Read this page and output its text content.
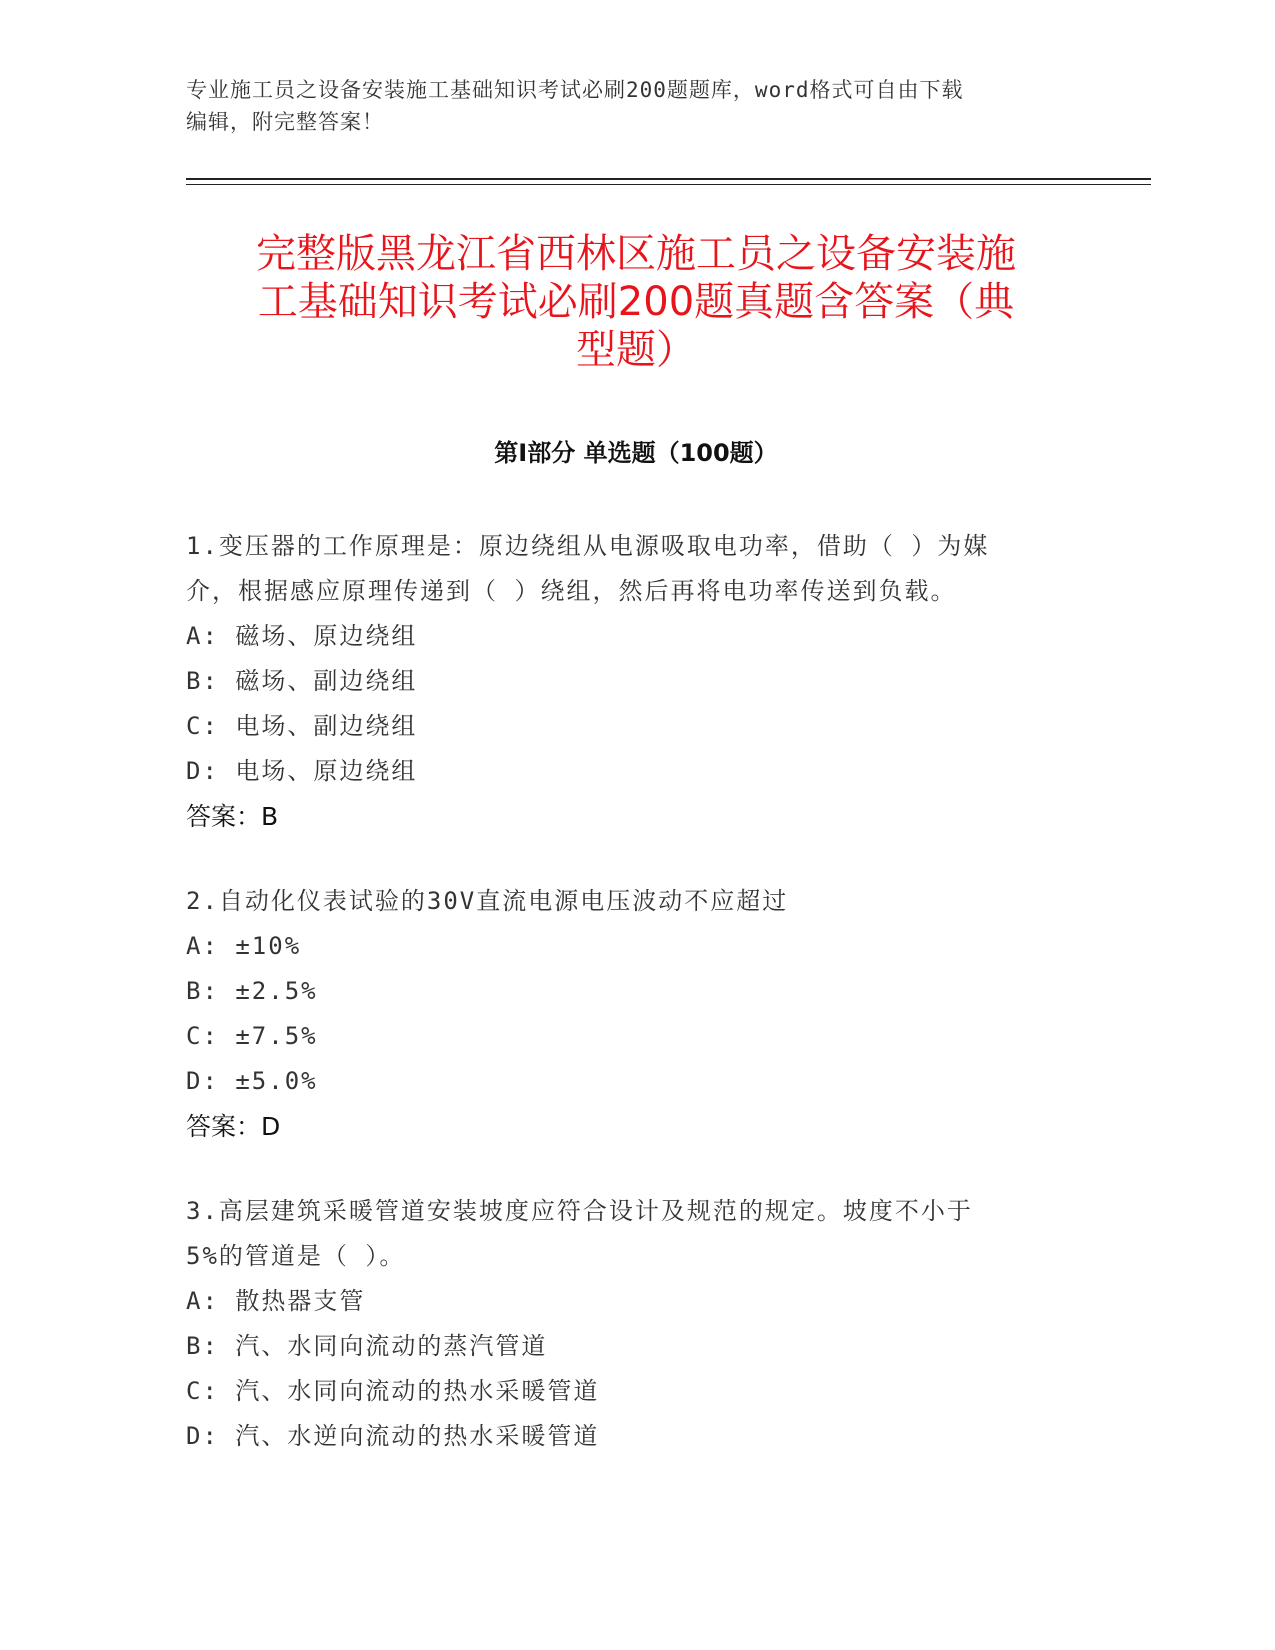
专业施工员之设备安装施工基础知识考试必刷200题题库，word格式可自由下载
编辑，附完整答案！
完整版黑龙江省西林区施工员之设备安装施
工基础知识考试必刷200题真题含答案（典
型题）
第Ⅰ部分 单选题（100题）

1.变压器的工作原理是：原边绕组从电源吸取电功率，借助（ ）为媒

介，根据感应原理传递到（ ）绕组，然后再将电功率传送到负载。

A: 磁场、原边绕组

B: 磁场、副边绕组

C: 电场、副边绕组

D: 电场、原边绕组

答案：B

2.自动化仪表试验的30V直流电源电压波动不应超过

A: ±10%

B: ±2.5%

C: ±7.5%

D: ±5.0%

答案：D

3.高层建筑采暖管道安装坡度应符合设计及规范的规定。坡度不小于

5%的管道是（ ）。

A: 散热器支管

B: 汽、水同向流动的蒸汽管道

C: 汽、水同向流动的热水采暖管道

D: 汽、水逆向流动的热水采暖管道
